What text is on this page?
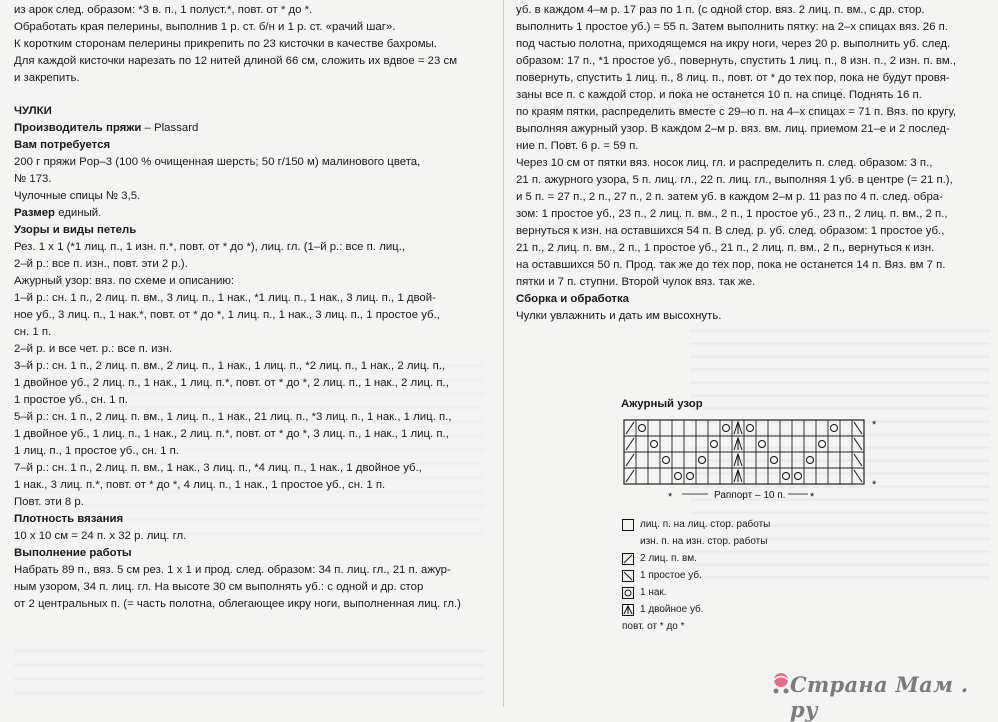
из арок след. образом: *3 в. п., 1 полуст.*, повт. от * до *.
Обработать края пелерины, выполнив 1 р. ст. б/н и 1 р. ст. «рачий шаг».
К коротким сторонам пелерины прикрепить по 23 кисточки в качестве бахромы.
Для каждой кисточки нарезать по 12 нитей длиной 66 см, сложить их вдвое = 23 см
и закрепить.
ЧУЛКИ
Производитель пряжи – Plassard
Вам потребуется
200 г пряжи Pop–3 (100 % очищенная шерсть; 50 г/150 м) малинового цвета,
№ 173.
Чулочные спицы № 3,5.
Размер единый.
Узоры и виды петель
Рез. 1 х 1 (*1 лиц. п., 1 изн. п.*, повт. от * до *), лиц. гл. (1–й р.: все п. лиц.,
2–й р.: все п. изн., повт. эти 2 р.).
Ажурный узор: вяз. по схеме и описанию:
1–й р.: сн. 1 п., 2 лиц. п. вм., 3 лиц. п., 1 нак., *1 лиц. п., 1 нак., 3 лиц. п., 1 двой-
ное уб., 3 лиц. п., 1 нак.*, повт. от * до *, 1 лиц. п., 1 нак., 3 лиц. п., 1 простое уб.,
сн. 1 п.
2–й р. и все чет. р.: все п. изн.
3–й р.: сн. 1 п., 2 лиц. п. вм., 2 лиц. п., 1 нак., 1 лиц. п., *2 лиц. п., 1 нак., 2 лиц. п.,
1 двойное уб., 2 лиц. п., 1 нак., 1 лиц. п.*, повт. от * до *, 2 лиц. п., 1 нак., 2 лиц. п.,
1 простое уб., сн. 1 п.
5–й р.: сн. 1 п., 2 лиц. п. вм., 1 лиц. п., 1 нак., 21 лиц. п., *3 лиц. п., 1 нак., 1 лиц. п.,
1 двойное уб., 1 лиц. п., 1 нак., 2 лиц. п.*, повт. от * до *, 3 лиц. п., 1 нак., 1 лиц. п.,
1 лиц. п., 1 простое уб., сн. 1 п.
7–й р.: сн. 1 п., 2 лиц. п. вм., 1 нак., 3 лиц. п., *4 лиц. п., 1 нак., 1 двойное уб.,
1 нак., 3 лиц. п.*, повт. от * до *, 4 лиц. п., 1 нак., 1 простое уб., сн. 1 п.
Повт. эти 8 р.
Плотность вязания
10 х 10 см = 24 п. х 32 р. лиц. гл.
Выполнение работы
Набрать 89 п., вяз. 5 см рез. 1 х 1 и прод. след. образом: 34 п. лиц. гл., 21 п. ажур-
ным узором, 34 п. лиц. гл. На высоте 30 см выполнять уб.: с одной и др. стор
от 2 центральных п. (= часть полотна, облегающее икру ноги, выполненная лиц. гл.)
уб. в каждом 4–м р. 17 раз по 1 п. (с одной стор. вяз. 2 лиц. п. вм., с др. стор.
выполнить 1 простое уб.) = 55 п. Затем выполнить пятку: на 2–х спицах вяз. 26 п.
под частью полотна, приходящемся на икру ноги, через 20 р. выполнить уб. след.
образом: 17 п., *1 простое уб., повернуть, спустить 1 лиц. п., 8 изн. п., 2 изн. п. вм.,
повернуть, спустить 1 лиц. п., 8 лиц. п., повт. от * до тех пор, пока не будут провя-
заны все п. с каждой стор. и пока не останется 10 п. на спице. Поднять 16 п.
по краям пятки, распределить вместе с 29–ю п. на 4–х спицах = 71 п. Вяз. по кругу,
выполняя ажурный узор. В каждом 2–м р. вяз. вм. лиц. приемом 21–е и 2 послед-
ние п. Повт. 6 р. = 59 п.
Через 10 см от пятки вяз. носок лиц. гл. и распределить п. след. образом: 3 п.,
21 п. ажурного узора, 5 п. лиц. гл., 22 п. лиц. гл., выполняя 1 уб. в центре (= 21 п.),
и 5 п. = 27 п., 2 п., 27 п., 2 п. затем уб. в каждом 2–м р. 11 раз по 4 п. след. обра-
зом: 1 простое уб., 23 п., 2 лиц. п. вм., 2 п., 1 простое уб., 23 п., 2 лиц. п. вм., 2 п.,
вернуться к изн. на оставшихся 54 п. В след. р. уб. след. образом: 1 простое уб.,
21 п., 2 лиц. п. вм., 2 п., 1 простое уб., 21 п., 2 лиц. п. вм., 2 п., вернуться к изн.
на оставшихся 50 п. Прод. так же до тех пор, пока не останется 14 п. Вяз. вм 7 п.
пятки и 7 п. ступни. Второй чулок вяз. так же.
Сборка и обработка
Чулки увлажнить и дать им высохнуть.
Ажурный узор
*
*
*	Раппорт – 10 п. *
лиц. п. на лиц. стор. работы
изн. п. на изн. стор. работы
2 лиц. п. вм.
1 простое уб.
1 нак.
1 двойное уб.
повт. от * до *
Страна Мам . ру
